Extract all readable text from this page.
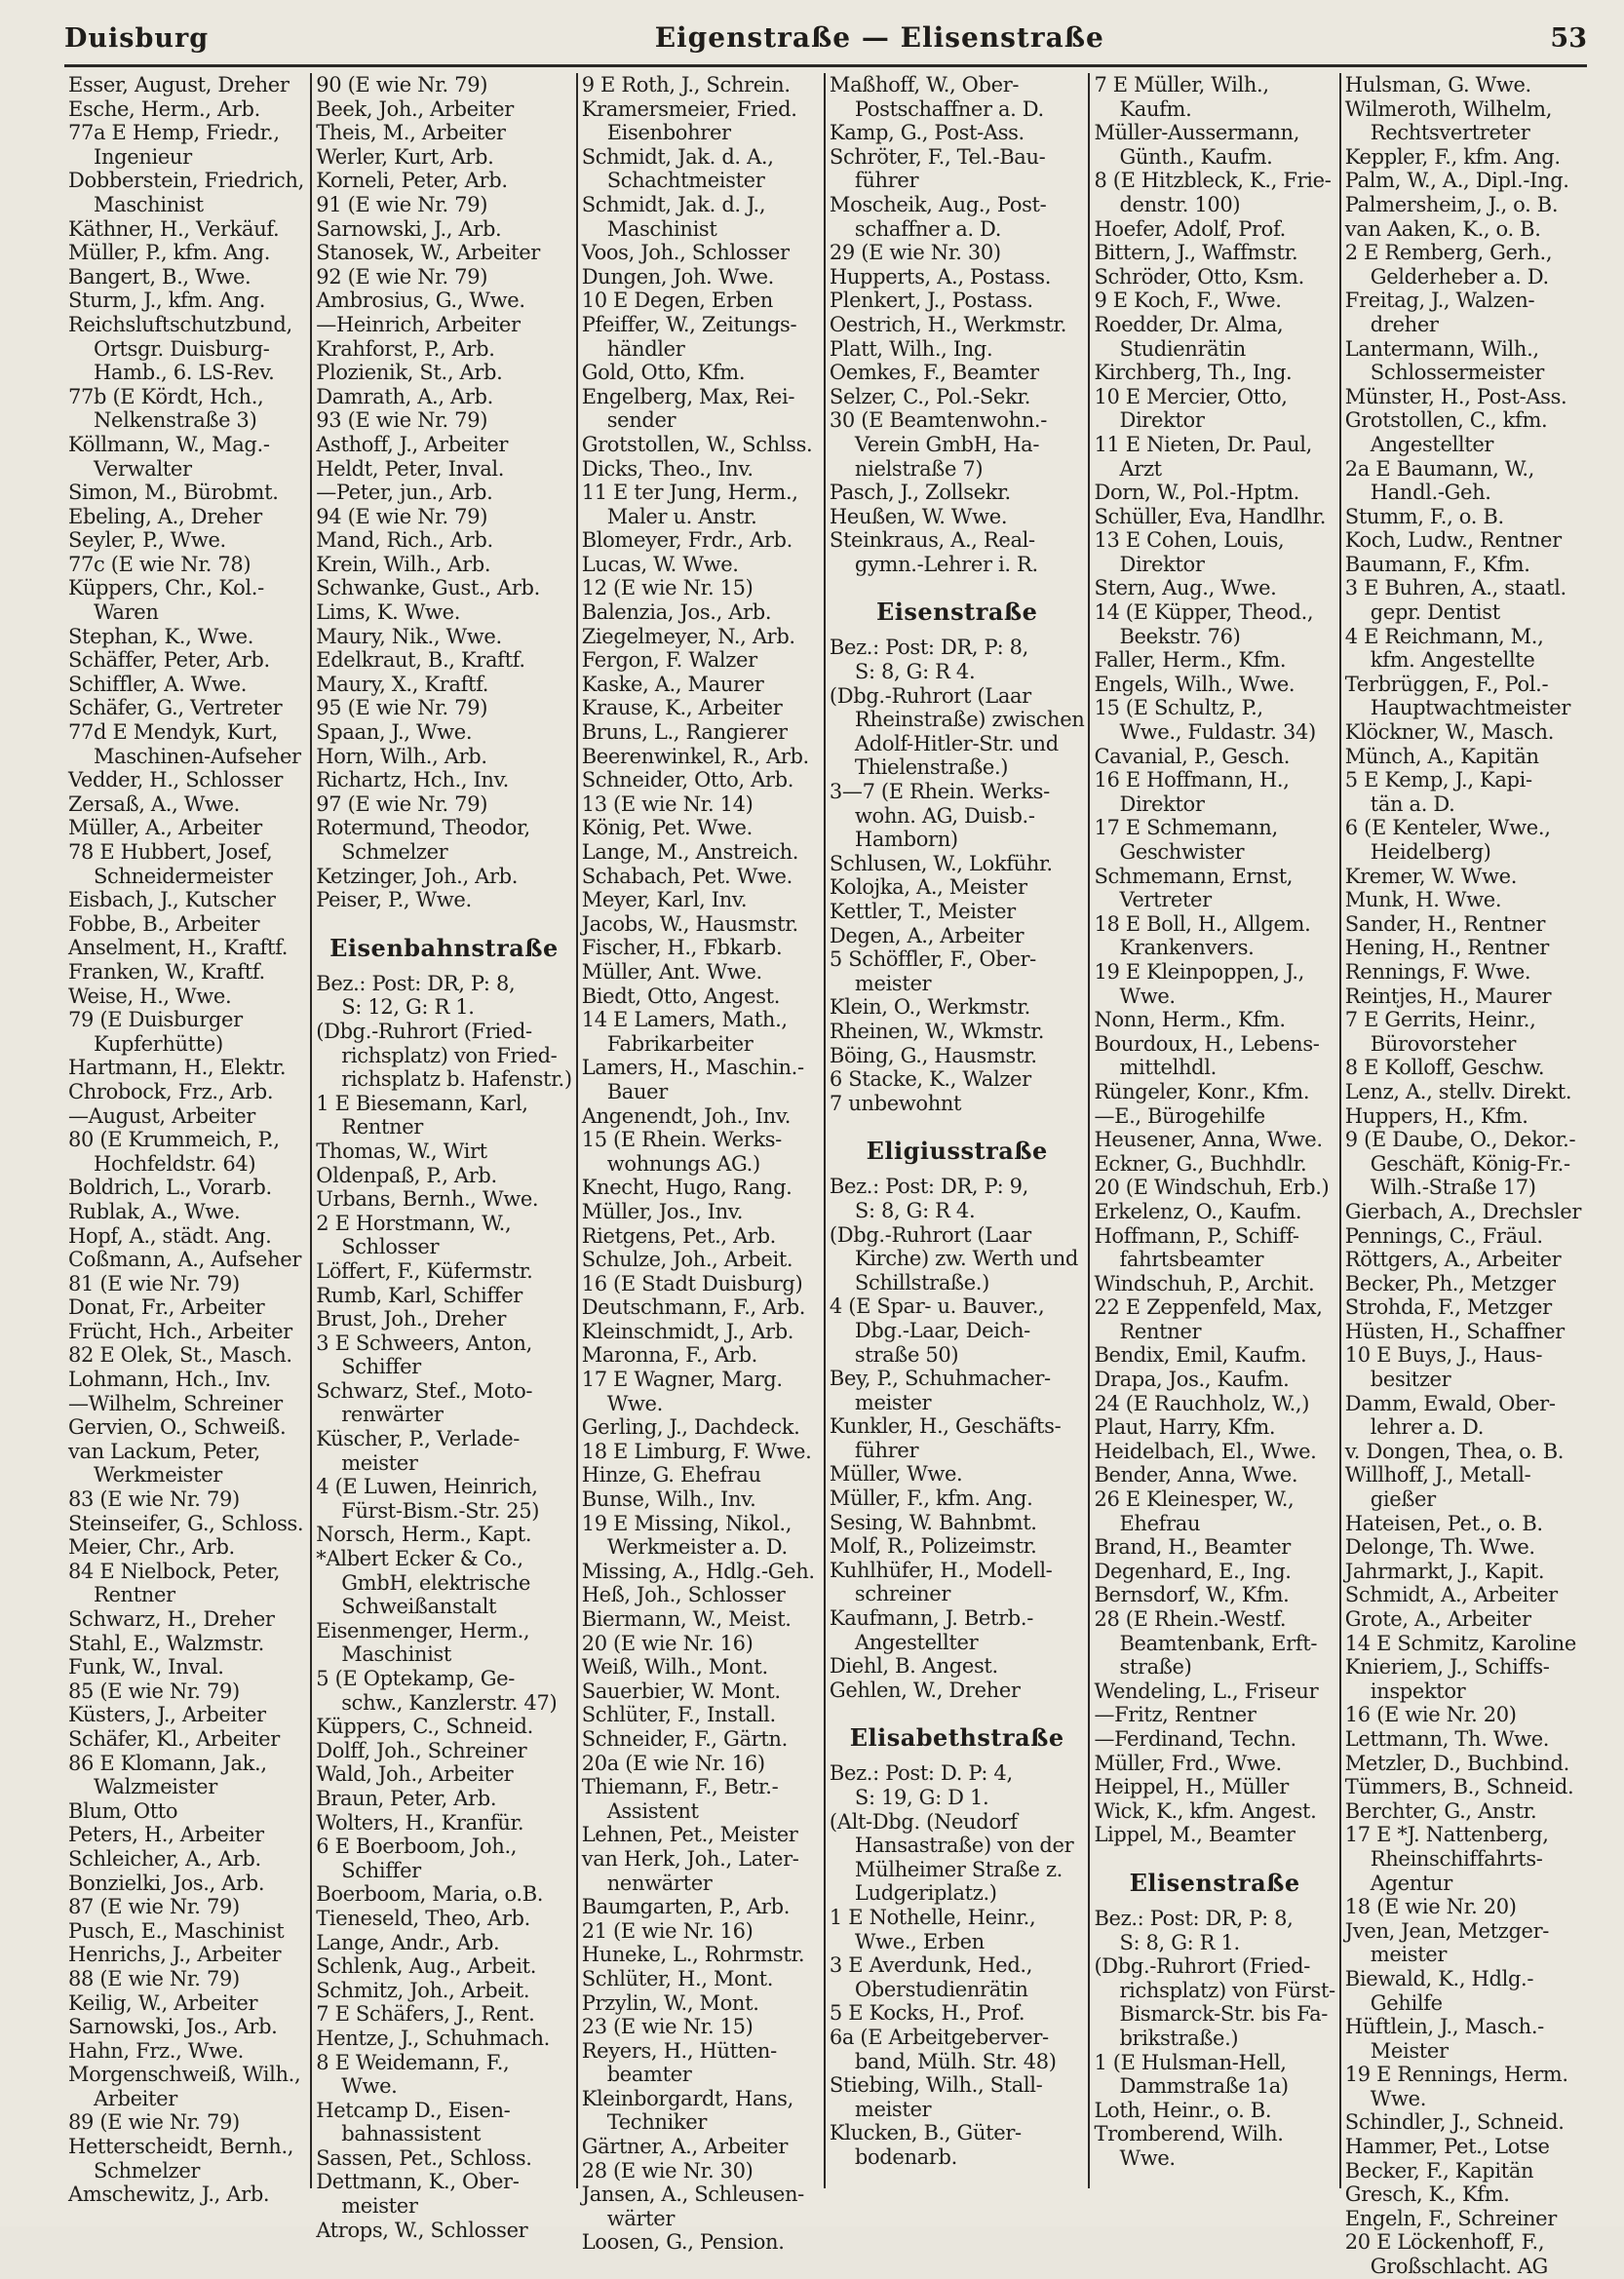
Duisburg	Eigenstraße — Elisenstraße	53
Esser, August, Dreher
Esche, Herm., Arb.
77a E Hemp, Friedr.,
Ingenieur
Dobberstein, Friedrich,
Maschinist
Käthner, H., Verkäuf.
Müller, P., kfm. Ang.
Bangert, B., Wwe.
Sturm, J., kfm. Ang.
Reichsluftschutzbund,
Ortsgr. Duisburg-
Hamb., 6. LS-Rev.
77b (E Kördt, Hch.,
Nelkenstraße 3)
Köllmann, W., Mag.-
Verwalter
Simon, M., Bürobmt.
Ebeling, A., Dreher
Seyler, P., Wwe.
77c (E wie Nr. 78)
Küppers, Chr., Kol.-
Waren
Stephan, K., Wwe.
Schäffer, Peter, Arb.
Schiffler, A. Wwe.
Schäfer, G., Vertreter
77d E Mendyk, Kurt,
Maschinen-Aufseher
Vedder, H., Schlosser
Zersaß, A., Wwe.
Müller, A., Arbeiter
78 E Hubbert, Josef,
Schneidermeister
Eisbach, J., Kutscher
Fobbe, B., Arbeiter
Anselment, H., Kraftf.
Franken, W., Kraftf.
Weise, H., Wwe.
79 (E Duisburger
Kupferhütte)
Hartmann, H., Elektr.
Chrobock, Frz., Arb.
—August, Arbeiter
80 (E Krummeich, P.,
Hochfeldstr. 64)
Boldrich, L., Vorarb.
Rublak, A., Wwe.
Hopf, A., städt. Ang.
Coßmann, A., Aufseher
81 (E wie Nr. 79)
Donat, Fr., Arbeiter
Frücht, Hch., Arbeiter
82 E Olek, St., Masch.
Lohmann, Hch., Inv.
—Wilhelm, Schreiner
Gervien, O., Schweiß.
van Lackum, Peter,
Werkmeister
83 (E wie Nr. 79)
Steinseifer, G., Schloss.
Meier, Chr., Arb.
84 E Nielbock, Peter,
Rentner
Schwarz, H., Dreher
Stahl, E., Walzmstr.
Funk, W., Inval.
85 (E wie Nr. 79)
Küsters, J., Arbeiter
Schäfer, Kl., Arbeiter
86 E Klomann, Jak.,
Walzmeister
Blum, Otto
Peters, H., Arbeiter
Schleicher, A., Arb.
Bonzielki, Jos., Arb.
87 (E wie Nr. 79)
Pusch, E., Maschinist
Henrichs, J., Arbeiter
88 (E wie Nr. 79)
Keilig, W., Arbeiter
Sarnowski, Jos., Arb.
Hahn, Frz., Wwe.
Morgenschweiß, Wilh.,
Arbeiter
89 (E wie Nr. 79)
Hetterscheidt, Bernh.,
Schmelzer
Amschewitz, J., Arb.
90 (E wie Nr. 79)
Beek, Joh., Arbeiter
Theis, M., Arbeiter
Werler, Kurt, Arb.
Korneli, Peter, Arb.
91 (E wie Nr. 79)
Sarnowski, J., Arb.
Stanosek, W., Arbeiter
92 (E wie Nr. 79)
Ambrosius, G., Wwe.
—Heinrich, Arbeiter
Krahforst, P., Arb.
Plozienik, St., Arb.
Damrath, A., Arb.
93 (E wie Nr. 79)
Asthoff, J., Arbeiter
Heldt, Peter, Inval.
—Peter, jun., Arb.
94 (E wie Nr. 79)
Mand, Rich., Arb.
Krein, Wilh., Arb.
Schwanke, Gust., Arb.
Lims, K. Wwe.
Maury, Nik., Wwe.
Edelkraut, B., Kraftf.
Maury, X., Kraftf.
95 (E wie Nr. 79)
Spaan, J., Wwe.
Horn, Wilh., Arb.
Richartz, Hch., Inv.
97 (E wie Nr. 79)
Rotermund, Theodor,
Schmelzer
Ketzinger, Joh., Arb.
Peiser, P., Wwe.
Eisenbahnstraße
Bez.: Post: DR, P: 8,
S: 12, G: R 1.
(Dbg.-Ruhrort (Fried-
richsplatz) von Fried-
richsplatz b. Hafenstr.)
1 E Biesemann, Karl,
Rentner
Thomas, W., Wirt
Oldenpaß, P., Arb.
Urbans, Bernh., Wwe.
2 E Horstmann, W.,
Schlosser
Löffert, F., Küfermstr.
Rumb, Karl, Schiffer
Brust, Joh., Dreher
3 E Schweers, Anton,
Schiffer
Schwarz, Stef., Moto-
renwärter
Küscher, P., Verlade-
meister
4 (E Luwen, Heinrich,
Fürst-Bism.-Str. 25)
Norsch, Herm., Kapt.
*Albert Ecker & Co.,
GmbH, elektrische
Schweißanstalt
Eisenmenger, Herm.,
Maschinist
5 (E Optekamp, Ge-
schw., Kanzlerstr. 47)
Küppers, C., Schneid.
Dolff, Joh., Schreiner
Wald, Joh., Arbeiter
Braun, Peter, Arb.
Wolters, H., Kranfür.
6 E Boerboom, Joh.,
Schiffer
Boerboom, Maria, o.B.
Tieneseld, Theo, Arb.
Lange, Andr., Arb.
Schlenk, Aug., Arbeit.
Schmitz, Joh., Arbeit.
7 E Schäfers, J., Rent.
Hentze, J., Schuhmach.
8 E Weidemann, F.,
Wwe.
Hetcamp D., Eisen-
bahnassistent
Sassen, Pet., Schloss.
Dettmann, K., Ober-
meister
Atrops, W., Schlosser
9 E Roth, J., Schrein.
Kramersmeier, Fried.
Eisenbohrer
Schmidt, Jak. d. A.,
Schachtmeister
Schmidt, Jak. d. J.,
Maschinist
Voos, Joh., Schlosser
Dungen, Joh. Wwe.
10 E Degen, Erben
Pfeiffer, W., Zeitungs-
händler
Gold, Otto, Kfm.
Engelberg, Max, Rei-
sender
Grotstollen, W., Schlss.
Dicks, Theo., Inv.
11 E ter Jung, Herm.,
Maler u. Anstr.
Blomeyer, Frdr., Arb.
Lucas, W. Wwe.
12 (E wie Nr. 15)
Balenzia, Jos., Arb.
Ziegelmeyer, N., Arb.
Fergon, F. Walzer
Kaske, A., Maurer
Krause, K., Arbeiter
Bruns, L., Rangierer
Beerenwinkel, R., Arb.
Schneider, Otto, Arb.
13 (E wie Nr. 14)
König, Pet. Wwe.
Lange, M., Anstreich.
Schabach, Pet. Wwe.
Meyer, Karl, Inv.
Jacobs, W., Hausmstr.
Fischer, H., Fbkarb.
Müller, Ant. Wwe.
Biedt, Otto, Angest.
14 E Lamers, Math.,
Fabrikarbeiter
Lamers, H., Maschin.-
Bauer
Angenendt, Joh., Inv.
15 (E Rhein. Werks-
wohnungs AG.)
Knecht, Hugo, Rang.
Müller, Jos., Inv.
Rietgens, Pet., Arb.
Schulze, Joh., Arbeit.
16 (E Stadt Duisburg)
Deutschmann, F., Arb.
Kleinschmidt, J., Arb.
Maronna, F., Arb.
17 E Wagner, Marg.
Wwe.
Gerling, J., Dachdeck.
18 E Limburg, F. Wwe.
Hinze, G. Ehefrau
Bunse, Wilh., Inv.
19 E Missing, Nikol.,
Werkmeister a. D.
Missing, A., Hdlg.-Geh.
Heß, Joh., Schlosser
Biermann, W., Meist.
20 (E wie Nr. 16)
Weiß, Wilh., Mont.
Sauerbier, W. Mont.
Schlüter, F., Install.
Schneider, F., Gärtn.
20a (E wie Nr. 16)
Thiemann, F., Betr.-
Assistent
Lehnen, Pet., Meister
van Herk, Joh., Later-
nenwärter
Baumgarten, P., Arb.
21 (E wie Nr. 16)
Huneke, L., Rohrmstr.
Schlüter, H., Mont.
Przylin, W., Mont.
23 (E wie Nr. 15)
Reyers, H., Hütten-
beamter
Kleinborgardt, Hans,
Techniker
Gärtner, A., Arbeiter
28 (E wie Nr. 30)
Jansen, A., Schleusen-
wärter
Loosen, G., Pension.
Maßhoff, W., Ober-
Postschaffner a. D.
Kamp, G., Post-Ass.
Schröter, F., Tel.-Bau-
führer
Moscheik, Aug., Post-
schaffner a. D.
29 (E wie Nr. 30)
Hupperts, A., Postass.
Plenkert, J., Postass.
Oestrich, H., Werkmstr.
Platt, Wilh., Ing.
Oemkes, F., Beamter
Selzer, C., Pol.-Sekr.
30 (E Beamtenwohn.-
Verein GmbH, Ha-
nielstraße 7)
Pasch, J., Zollsekr.
Heußen, W. Wwe.
Steinkraus, A., Real-
gymn.-Lehrer i. R.
Eisenstraße
Bez.: Post: DR, P: 8,
S: 8, G: R 4.
(Dbg.-Ruhrort (Laar
Rheinstraße) zwischen
Adolf-Hitler-Str. und
Thielenstraße.)
3—7 (E Rhein. Werks-
wohn. AG, Duisb.-
Hamborn)
Schlusen, W., Lokführ.
Kolojka, A., Meister
Kettler, T., Meister
Degen, A., Arbeiter
5 Schöffler, F., Ober-
meister
Klein, O., Werkmstr.
Rheinen, W., Wkmstr.
Böing, G., Hausmstr.
6 Stacke, K., Walzer
7 unbewohnt
Eligiusstraße
Bez.: Post: DR, P: 9,
S: 8, G: R 4.
(Dbg.-Ruhrort (Laar
Kirche) zw. Werth und
Schillstraße.)
4 (E Spar- u. Bauver.,
Dbg.-Laar, Deich-
straße 50)
Bey, P., Schuhmacher-
meister
Kunkler, H., Geschäfts-
führer
Müller, Wwe.
Müller, F., kfm. Ang.
Sesing, W. Bahnbmt.
Molf, R., Polizeimstr.
Kuhlhüfer, H., Modell-
schreiner
Kaufmann, J. Betrb.-
Angestellter
Diehl, B. Angest.
Gehlen, W., Dreher
Elisabethstraße
Bez.: Post: D. P: 4,
S: 19, G: D 1.
(Alt-Dbg. (Neudorf
Hansastraße) von der
Mülheimer Straße z.
Ludgeriplatz.)
1 E Nothelle, Heinr.,
Wwe., Erben
3 E Averdunk, Hed.,
Oberstudienrätin
5 E Kocks, H., Prof.
6a (E Arbeitgeberver-
band, Mülh. Str. 48)
Stiebing, Wilh., Stall-
meister
Klucken, B., Güter-
bodenarb.
7 E Müller, Wilh.,
Kaufm.
Müller-Aussermann,
Günth., Kaufm.
8 (E Hitzbleck, K., Frie-
denstr. 100)
Hoefer, Adolf, Prof.
Bittern, J., Waffmstr.
Schröder, Otto, Ksm.
9 E Koch, F., Wwe.
Roedder, Dr. Alma,
Studienrätin
Kirchberg, Th., Ing.
10 E Mercier, Otto,
Direktor
11 E Nieten, Dr. Paul,
Arzt
Dorn, W., Pol.-Hptm.
Schüller, Eva, Handlhr.
13 E Cohen, Louis,
Direktor
Stern, Aug., Wwe.
14 (E Küpper, Theod.,
Beekstr. 76)
Faller, Herm., Kfm.
Engels, Wilh., Wwe.
15 (E Schultz, P.,
Wwe., Fuldastr. 34)
Cavanial, P., Gesch.
16 E Hoffmann, H.,
Direktor
17 E Schmemann,
Geschwister
Schmemann, Ernst,
Vertreter
18 E Boll, H., Allgem.
Krankenvers.
19 E Kleinpoppen, J.,
Wwe.
Nonn, Herm., Kfm.
Bourdoux, H., Lebens-
mittelhdl.
Rüngeler, Konr., Kfm.
—E., Bürogehilfe
Heusener, Anna, Wwe.
Eckner, G., Buchhdlr.
20 (E Windschuh, Erb.)
Erkelenz, O., Kaufm.
Hoffmann, P., Schiff-
fahrtsbeamter
Windschuh, P., Archit.
22 E Zeppenfeld, Max,
Rentner
Bendix, Emil, Kaufm.
Drapa, Jos., Kaufm.
24 (E Rauchholz, W.,)
Plaut, Harry, Kfm.
Heidelbach, El., Wwe.
Bender, Anna, Wwe.
26 E Kleinesper, W.,
Ehefrau
Brand, H., Beamter
Degenhard, E., Ing.
Bernsdorf, W., Kfm.
28 (E Rhein.-Westf.
Beamtenbank, Erft-
straße)
Wendeling, L., Friseur
—Fritz, Rentner
—Ferdinand, Techn.
Müller, Frd., Wwe.
Heippel, H., Müller
Wick, K., kfm. Angest.
Lippel, M., Beamter
Elisenstraße
Bez.: Post: DR, P: 8,
S: 8, G: R 1.
(Dbg.-Ruhrort (Fried-
richsplatz) von Fürst-
Bismarck-Str. bis Fa-
brikstraße.)
1 (E Hulsman-Hell,
Dammstraße 1a)
Loth, Heinr., o. B.
Tromberend, Wilh.
Wwe.
Hulsman, G. Wwe.
Wilmeroth, Wilhelm,
Rechtsvertreter
Keppler, F., kfm. Ang.
Palm, W., A., Dipl.-Ing.
Palmersheim, J., o. B.
van Aaken, K., o. B.
2 E Remberg, Gerh.,
Gelderheber a. D.
Freitag, J., Walzen-
dreher
Lantermann, Wilh.,
Schlossermeister
Münster, H., Post-Ass.
Grotstollen, C., kfm.
Angestellter
2a E Baumann, W.,
Handl.-Geh.
Stumm, F., o. B.
Koch, Ludw., Rentner
Baumann, F., Kfm.
3 E Buhren, A., staatl.
gepr. Dentist
4 E Reichmann, M.,
kfm. Angestellte
Terbrüggen, F., Pol.-
Hauptwachtmeister
Klöckner, W., Masch.
Münch, A., Kapitän
5 E Kemp, J., Kapi-
tän a. D.
6 (E Kenteler, Wwe.,
Heidelberg)
Kremer, W. Wwe.
Munk, H. Wwe.
Sander, H., Rentner
Hening, H., Rentner
Rennings, F. Wwe.
Reintjes, H., Maurer
7 E Gerrits, Heinr.,
Bürovorsteher
8 E Kolloff, Geschw.
Lenz, A., stellv. Direkt.
Huppers, H., Kfm.
9 (E Daube, O., Dekor.-
Geschäft, König-Fr.-
Wilh.-Straße 17)
Gierbach, A., Drechsler
Pennings, C., Fräul.
Röttgers, A., Arbeiter
Becker, Ph., Metzger
Strohda, F., Metzger
Hüsten, H., Schaffner
10 E Buys, J., Haus-
besitzer
Damm, Ewald, Ober-
lehrer a. D.
v. Dongen, Thea, o. B.
Willhoff, J., Metall-
gießer
Hateisen, Pet., o. B.
Delonge, Th. Wwe.
Jahrmarkt, J., Kapit.
Schmidt, A., Arbeiter
Grote, A., Arbeiter
14 E Schmitz, Karoline
Knieriem, J., Schiffs-
inspektor
16 (E wie Nr. 20)
Lettmann, Th. Wwe.
Metzler, D., Buchbind.
Tümmers, B., Schneid.
Berchter, G., Anstr.
17 E *J. Nattenberg,
Rheinschiffahrts-
Agentur
18 (E wie Nr. 20)
Jven, Jean, Metzger-
meister
Biewald, K., Hdlg.-
Gehilfe
Hüftlein, J., Masch.-
Meister
19 E Rennings, Herm.
Wwe.
Schindler, J., Schneid.
Hammer, Pet., Lotse
Becker, F., Kapitän
Gresch, K., Kfm.
Engeln, F., Schreiner
20 E Löckenhoff, F.,
Großschlacht. AG
